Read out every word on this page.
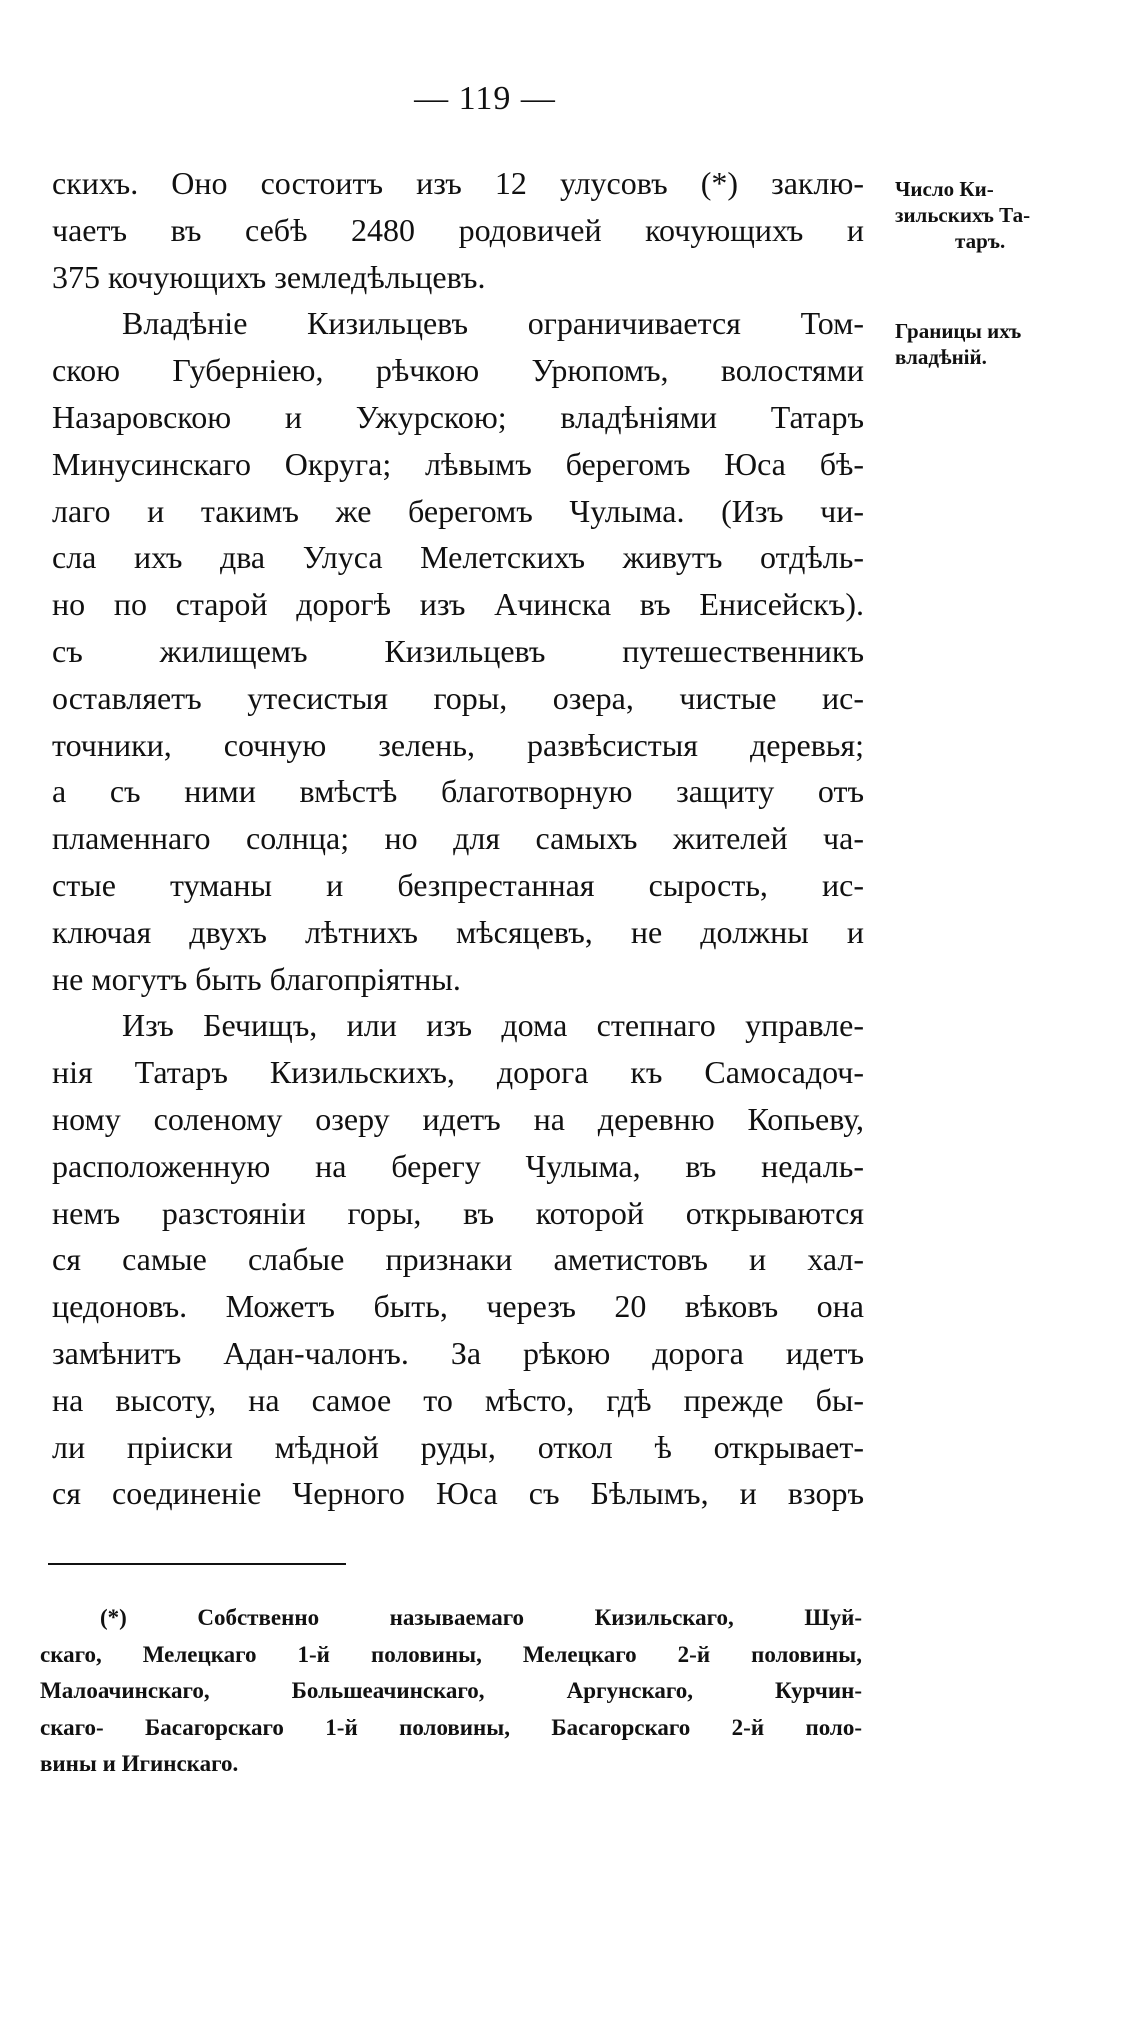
— 119 —
скихъ. Оно состоитъ изъ 12 улусовъ (*) заклю-
чаетъ въ себѣ 2480 родовичей кочующихъ и
375 кочующихъ земледѣльцевъ.
Владѣніе Кизильцевъ ограничивается Том-
скою Губерніею, рѣчкою Урюпомъ, волостями
Назаровскою и Ужурскою; владѣніями Татаръ
Минусинскаго Округа; лѣвымъ берегомъ Юса бѣ-
лаго и такимъ же берегомъ Чулыма. (Изъ чи-
сла ихъ два Улуса Мелетскихъ живутъ отдѣль-
но по старой дорогѣ изъ Ачинска въ Енисейскъ).
съ жилищемъ Кизильцевъ путешественникъ
оставляетъ утесистыя горы, озера, чистые ис-
точники, сочную зелень, развѣсистыя деревья;
а съ ними вмѣстѣ благотворную защиту отъ
пламеннаго солнца; но для самыхъ жителей ча-
стые туманы и безпрестанная сырость, ис-
ключая двухъ лѣтнихъ мѣсяцевъ, не должны и
не могутъ быть благопріятны.
Изъ Бечищъ, или изъ дома степнаго управле-
нія Татаръ Кизильскихъ, дорога къ Самосадоч-
ному соленому озеру идетъ на деревню Копьеву,
расположенную на берегу Чулыма, въ недаль-
немъ разстояніи горы, въ которой открываются
ся самые слабые признаки аметистовъ и хал-
цедоновъ. Можетъ быть, черезъ 20 вѣковъ она
замѣнитъ Адан-чалонъ. За рѣкою дорога идетъ
на высоту, на самое то мѣсто, гдѣ прежде бы-
ли пріиски мѣдной руды, откол ѣ открывает-
ся соединеніе Черного Юса съ Бѣлымъ, и взоръ
Число Ки-
зильскихъ Та-
таръ.
Границы ихъ
владѣній.
(*) Собственно называемаго Кизильскаго, Шуй-
скаго, Мелецкаго 1-й половины, Мелецкаго 2-й половины,
Малоачинскаго, Большеачинскаго, Аргунскаго, Курчин-
скаго- Басагорскаго 1-й половины, Басагорскаго 2-й поло-
вины и Игинскаго.
